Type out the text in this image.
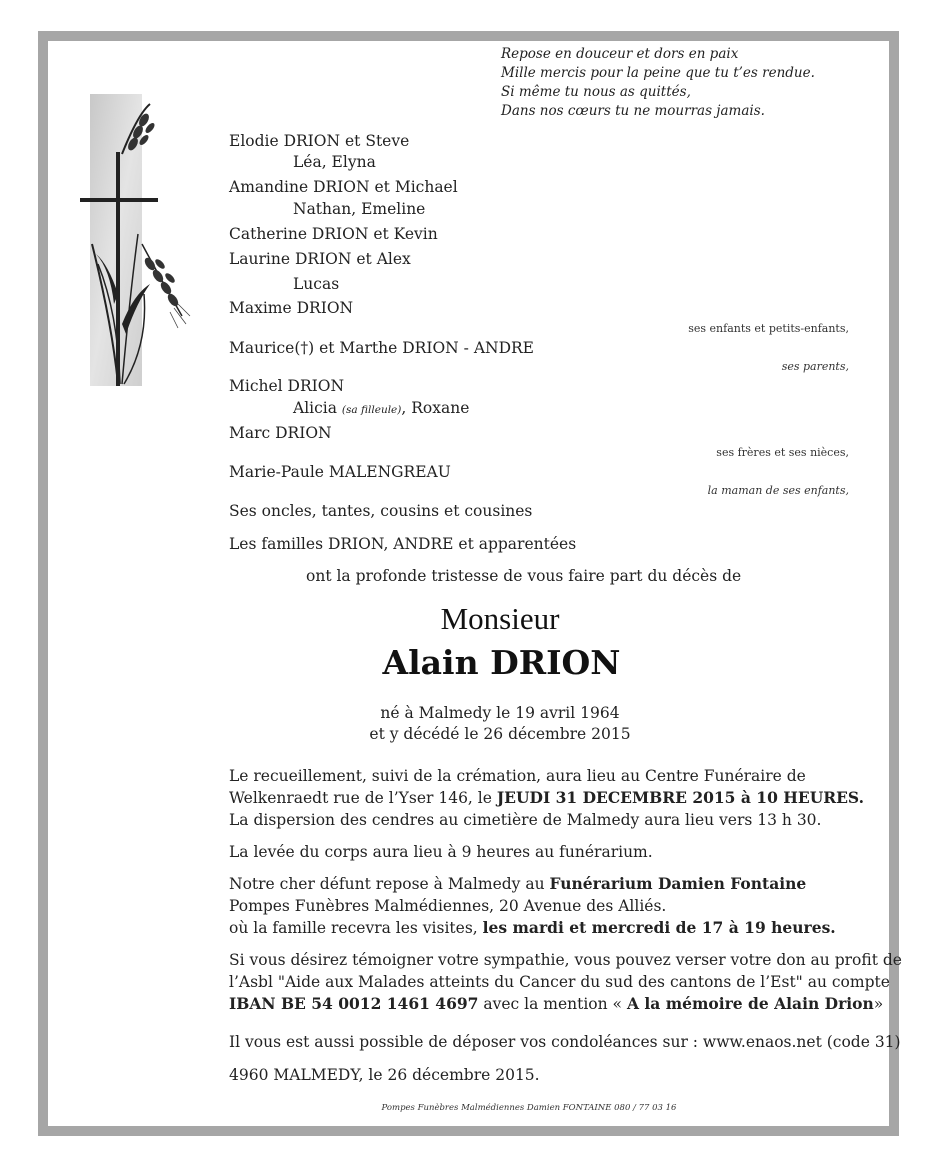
Repose en douceur et dors en paix
Mille mercis pour la peine que tu t’es rendue.
Si même tu nous as quittés,
Dans nos cœurs tu ne mourras jamais.
Elodie DRION et Steve
Léa, Elyna
Amandine DRION et Michael
Nathan, Emeline
Catherine DRION et Kevin
Laurine DRION et Alex
Lucas
Maxime DRION
ses enfants et petits-enfants,
Maurice(†) et Marthe DRION - ANDRE
ses parents,
Michel DRION
Alicia (sa filleule), Roxane
Marc DRION
ses frères et ses nièces,
Marie-Paule MALENGREAU
la maman de ses enfants,
Ses oncles, tantes, cousins et cousines
Les familles DRION, ANDRE et apparentées
ont la profonde tristesse de vous faire part du décès de
Monsieur
Alain DRION
né à Malmedy le 19 avril 1964
et y décédé le 26 décembre 2015
Le recueillement, suivi de la crémation, aura lieu au Centre Funéraire de
Welkenraedt rue de l’Yser 146, le JEUDI 31 DECEMBRE 2015 à 10 HEURES.
La dispersion des cendres au cimetière de Malmedy aura lieu vers 13 h 30.
La levée du corps aura lieu à 9 heures au funérarium.
Notre cher défunt repose à Malmedy au Funérarium Damien Fontaine
Pompes Funèbres Malmédiennes, 20 Avenue des Alliés.
où la famille recevra les visites, les mardi et mercredi de 17 à 19 heures.
Si vous désirez témoigner votre sympathie, vous pouvez verser votre don au profit de
l’Asbl "Aide aux Malades atteints du Cancer du sud des cantons de l’Est" au compte
IBAN BE 54 0012 1461 4697 avec la mention « A la mémoire de Alain Drion»
Il vous est aussi possible de déposer vos condoléances sur : www.enaos.net (code 31)
4960 MALMEDY, le 26 décembre 2015.
Pompes Funèbres Malmédiennes Damien FONTAINE 080 / 77 03 16
